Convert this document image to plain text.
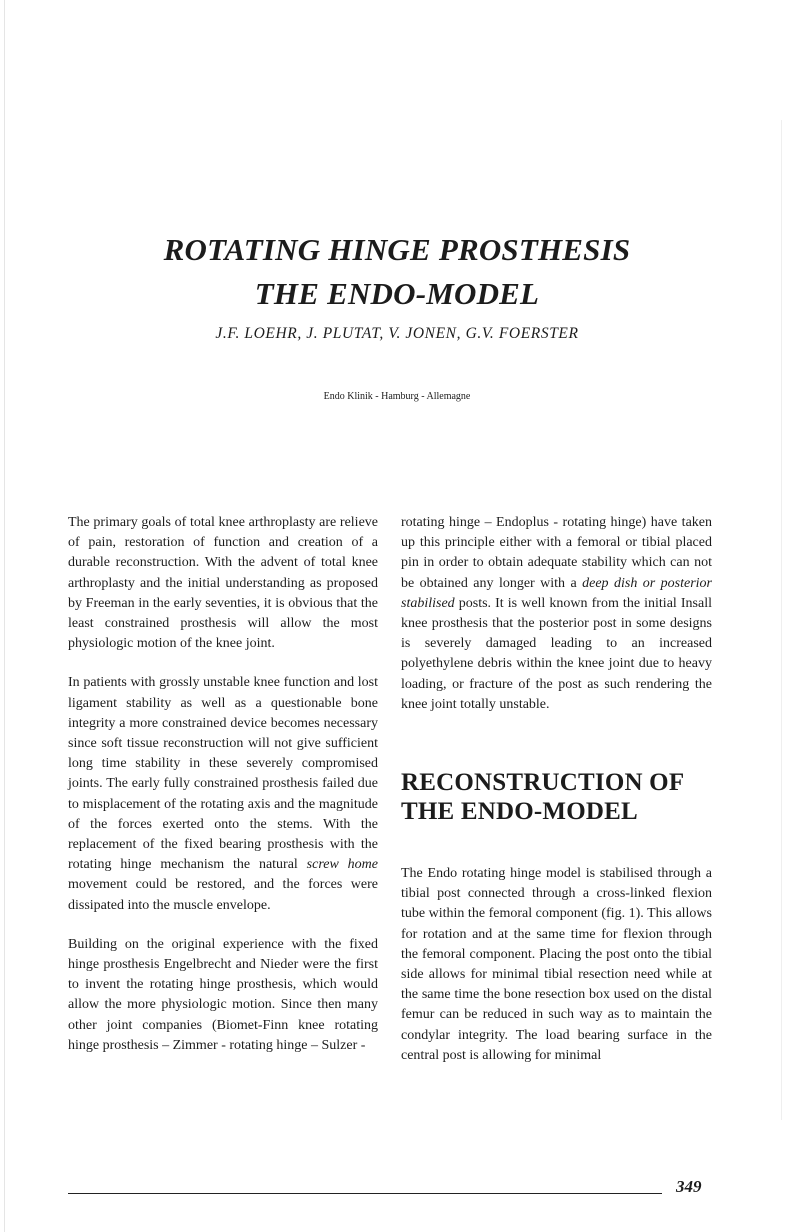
ROTATING HINGE PROSTHESIS
THE ENDO-MODEL
J.F. LOEHR, J. PLUTAT, V. JONEN, G.V. FOERSTER
Endo Klinik - Hamburg - Allemagne

The primary goals of total knee arthroplasty are relieve of pain, restoration of function and creation of a durable reconstruction. With the advent of total knee arthroplasty and the initial understanding as proposed by Freeman in the early seventies, it is obvious that the least constrained prosthesis will allow the most physiologic motion of the knee joint.

In patients with grossly unstable knee function and lost ligament stability as well as a questionable bone integrity a more constrained device becomes necessary since soft tissue reconstruction will not give sufficient long time stability in these severely compromised joints. The early fully constrained prosthesis failed due to misplacement of the rotating axis and the magnitude of the forces exerted onto the stems. With the replacement of the fixed bearing prosthesis with the rotating hinge mechanism the natural screw home movement could be restored, and the forces were dissipated into the muscle envelope.

Building on the original experience with the fixed hinge prosthesis Engelbrecht and Nieder were the first to invent the rotating hinge prosthesis, which would allow the more physiologic motion. Since then many other joint companies (Biomet-Finn knee rotating hinge prosthesis – Zimmer - rotating hinge – Sulzer -

rotating hinge – Endoplus - rotating hinge) have taken up this principle either with a femoral or tibial placed pin in order to obtain adequate stability which can not be obtained any longer with a deep dish or posterior stabilised posts. It is well known from the initial Insall knee prosthesis that the posterior post in some designs is severely damaged leading to an increased polyethylene debris within the knee joint due to heavy loading, or fracture of the post as such rendering the knee joint totally unstable.

RECONSTRUCTION OF THE ENDO-MODEL

The Endo rotating hinge model is stabilised through a tibial post connected through a cross-linked flexion tube within the femoral component (fig. 1). This allows for rotation and at the same time for flexion through the femoral component. Placing the post onto the tibial side allows for minimal tibial resection need while at the same time the bone resection box used on the distal femur can be reduced in such way as to maintain the condylar integrity. The load bearing surface in the central post is allowing for minimal

349
